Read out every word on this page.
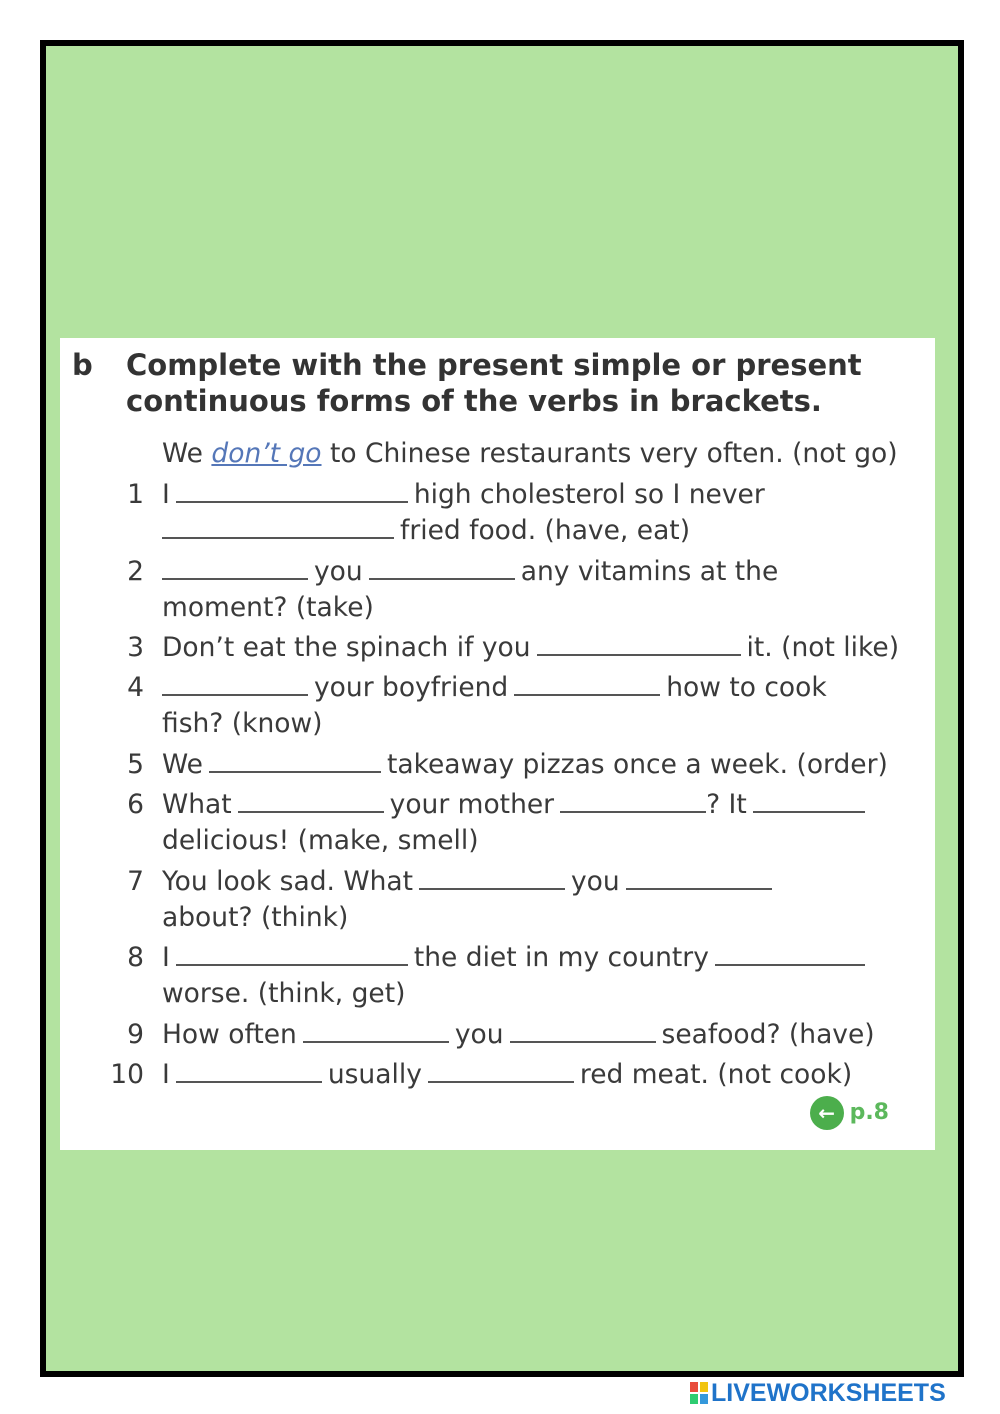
b Complete with the present simple or present
continuous forms of the verbs in brackets.
We don’t go to Chinese restaurants very often. (not go)
1 I	high cholesterol so I never
fried food. (have, eat)
2	you	any vitamins at the
moment? (take)
3 Don’t eat the spinach if you	it. (not like)
4	your boyfriend	how to cook
fish? (know)
5 We	takeaway pizzas once a week. (order)
6 What	your mother	? It
delicious! (make, smell)
7 You look sad. What	you
about? (think)
8 I	the diet in my country
worse. (think, get)
9 How often	you	seafood? (have)
10 I	usually	red meat. (not cook)
← p.8
LIVEWORKSHEETS
